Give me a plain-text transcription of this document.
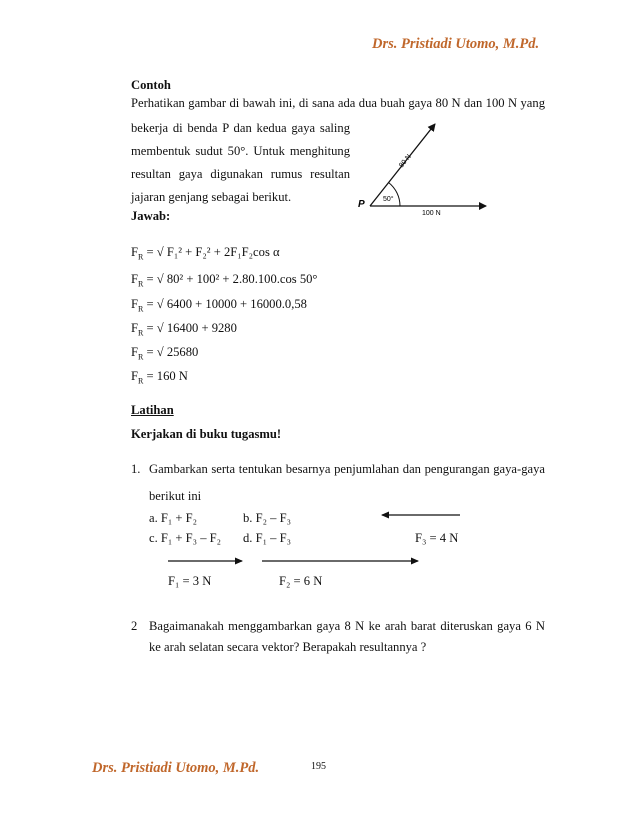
Drs. Pristiadi Utomo, M.Pd.
Contoh
Perhatikan gambar di bawah ini, di sana ada dua buah gaya 80 N dan 100 N yang
bekerja di benda P dan kedua gaya saling
membentuk sudut 50°. Untuk menghitung
resultan gaya digunakan rumus resultan
jajaran genjang sebagai berikut.
Jawab:
P	50°
80 N
100 N
$F_R$ = √ F₁² + F₂² + 2F₁F₂cos α
$F_R$ = √ 80² + 100² + 2.80.100.cos 50°
$F_R$ = √ 6400 + 10000 + 16000.0,58
$F_R$ = √ 16400 + 9280
$F_R$ = √ 25680
$F_R = 160$ N
Latihan
Kerjakan di buku tugasmu!
1. Gambarkan serta tentukan besarnya penjumlahan dan pengurangan gaya-gaya
berikut ini
a. F₁ + F₂	b. F₂ – F₃
c. F₁ + F₃ – F₂ d. F₁ – F₃	F₃ = 4 N
F₁ = 3 N	F₂ = 6 N
2 Bagaimanakah menggambarkan gaya 8 N ke arah barat diteruskan gaya 6 N
ke arah selatan secara vektor? Berapakah resultannya ?
Drs. Pristiadi Utomo, M.Pd.	195
